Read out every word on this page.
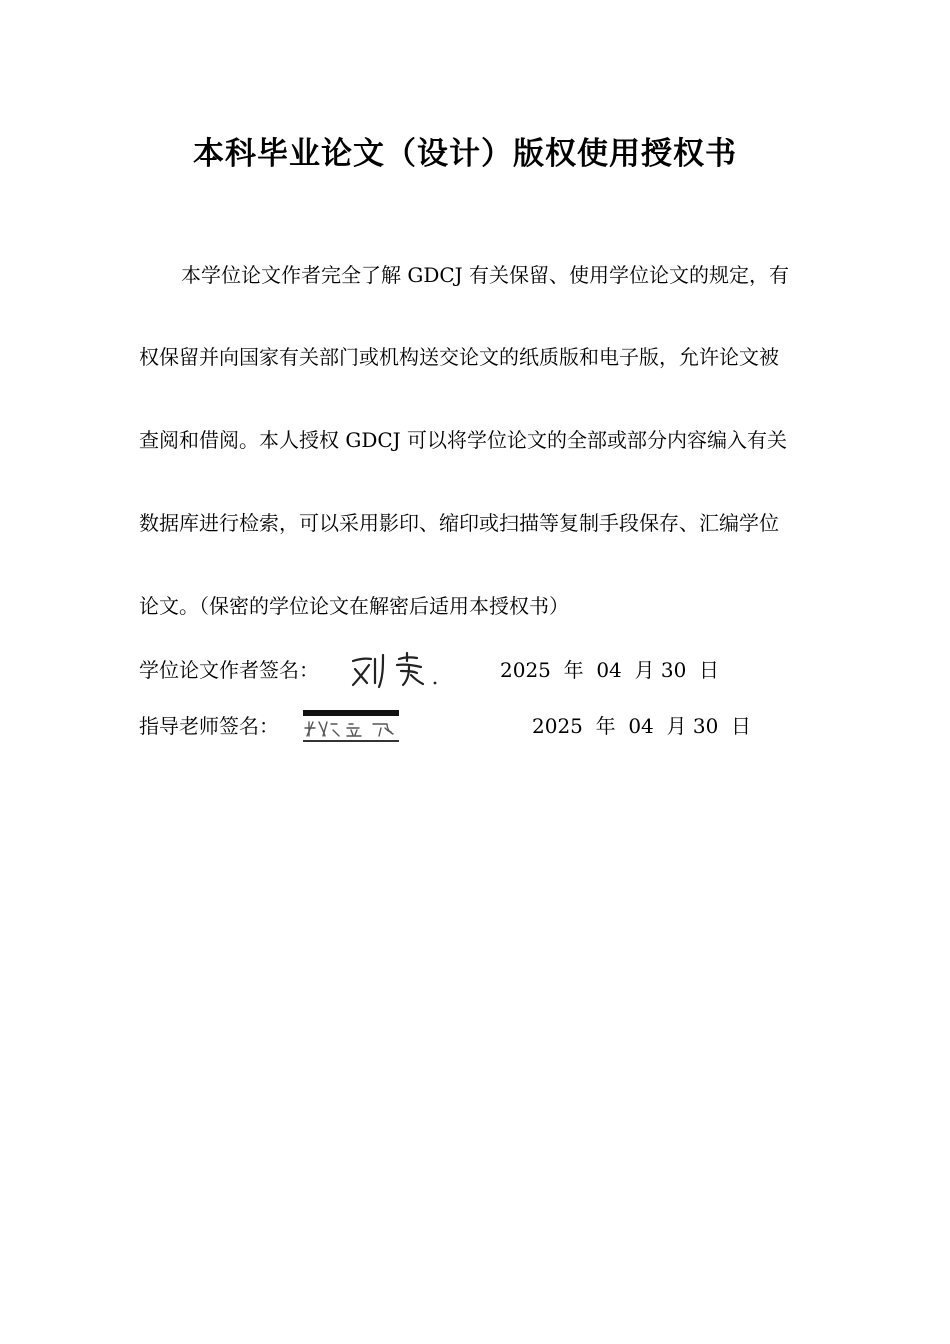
本科毕业论文（设计）版权使用授权书
本学位论文作者完全了解 GDCJ 有关保留、使用学位论文的规定，有
权保留并向国家有关部门或机构送交论文的纸质版和电子版，允许论文被
查阅和借阅。本人授权 GDCJ 可以将学位论文的全部或部分内容编入有关
数据库进行检索，可以采用影印、缩印或扫描等复制手段保存、汇编学位
论文。（保密的学位论文在解密后适用本授权书）
学位论文作者签名：	2025  年  04  月 30  日
指导老师签名：	2025  年  04  月 30  日
